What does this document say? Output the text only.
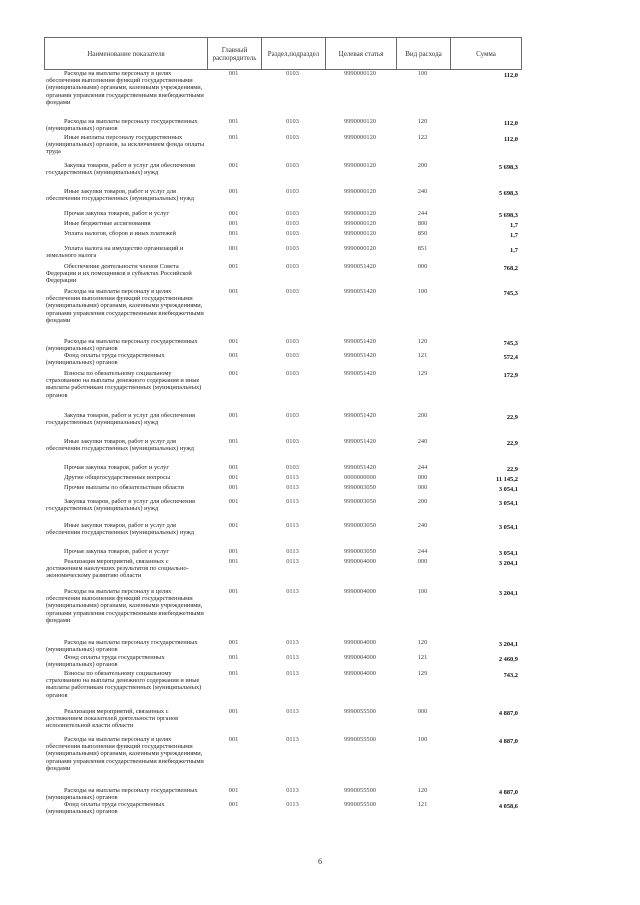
Наименование показателя	Главный распорядитель	Раздел,подраздел	Целевая статья	Вид расхода	Сумма
Расходы на выплаты персоналу в целях обеспечения выполнения функций государственными (муниципальными) органами, казенными учреждениями, органами управления государственными внебюджетными фондами
001	0103	9990000120	100	112,0
Расходы на выплаты персоналу государственных (муниципальных) органов
001	0103	9990000120	120	112,0
Иные выплаты персоналу государственных (муниципальных) органов, за исключением фонда оплаты труда
001	0103	9990000120	122	112,0
Закупка товаров, работ и услуг для обеспечения государственных (муниципальных) нужд
001	0103	9990000120	200	5 698,3
Иные закупки товаров, работ и услуг для обеспечения государственных (муниципальных) нужд
001	0103	9990000120	240	5 698,3
Прочая закупка товаров, работ и услуг	001	0103	9990000120	244	5 698,3
Иные бюджетные ассигнования	001	0103	9990000120	800	1,7
Уплата налогов, сборов и иных платежей	001	0103	9990000120	850	1,7
Уплата налога на имущество организаций и земельного налога
001	0103	9990000120	851	1,7
Обеспечение деятельности членов Совета Федерации и их помощников в субъектах Российской Федерации
001	0103	9990051420	000	768,2
Расходы на выплаты персоналу в целях обеспечения выполнения функций государственными (муниципальными) органами, казенными учреждениями, органами управления государственными внебюджетными фондами
001	0103	9990051420	100	745,3
Расходы на выплаты персоналу государственных (муниципальных) органов
001	0103	9990051420	120	745,3
Фонд оплаты труда государственных (муниципальных) органов
001	0103	9990051420	121	572,4
Взносы по обязательному социальному страхованию на выплаты денежного содержания и иные выплаты работникам государственных (муниципальных) органов
001	0103	9990051420	129	172,9
Закупка товаров, работ и услуг для обеспечения государственных (муниципальных) нужд
001	0103	9990051420	200	22,9
Иные закупки товаров, работ и услуг для обеспечения государственных (муниципальных) нужд
001	0103	9990051420	240	22,9
Прочая закупка товаров, работ и услуг	001	0103	9990051420	244	22,9
Другие общегосударственные вопросы	001	0113	0000000000	000	11 145,2
Прочие выплаты по обязательствам области	001	0113	9990003050	000	3 054,1
Закупка товаров, работ и услуг для обеспечения государственных (муниципальных) нужд
001	0113	9990003050	200	3 054,1
Иные закупки товаров, работ и услуг для обеспечения государственных (муниципальных) нужд
001	0113	9990003050	240	3 054,1
Прочая закупка товаров, работ и услуг	001	0113	9990003050	244	3 054,1
Реализация мероприятий, связанных с достижением наилучших результатов по социально-экономическому развитию области
001	0113	9990004000	000	3 204,1
Расходы на выплаты персоналу в целях обеспечения выполнения функций государственными (муниципальными) органами, казенными учреждениями, органами управления государственными внебюджетными фондами
001	0113	9990004000	100	3 204,1
Расходы на выплаты персоналу государственных (муниципальных) органов
001	0113	9990004000	120	3 204,1
Фонд оплаты труда государственных (муниципальных) органов
001	0113	9990004000	121	2 460,9
Взносы по обязательному социальному страхованию на выплаты денежного содержания и иные выплаты работникам государственных (муниципальных) органов
001	0113	9990004000	129	743,2
Реализация мероприятий, связанных с достижением показателей деятельности органов исполнительной власти области
001	0113	9990055500	000	4 887,0
Расходы на выплаты персоналу в целях обеспечения выполнения функций государственными (муниципальными) органами, казенными учреждениями, органами управления государственными внебюджетными фондами
001	0113	9990055500	100	4 887,0
Расходы на выплаты персоналу государственных (муниципальных) органов
001	0113	9990055500	120	4 887,0
Фонд оплаты труда государственных (муниципальных) органов
001	0113	9990055500	121	4 058,6
6
